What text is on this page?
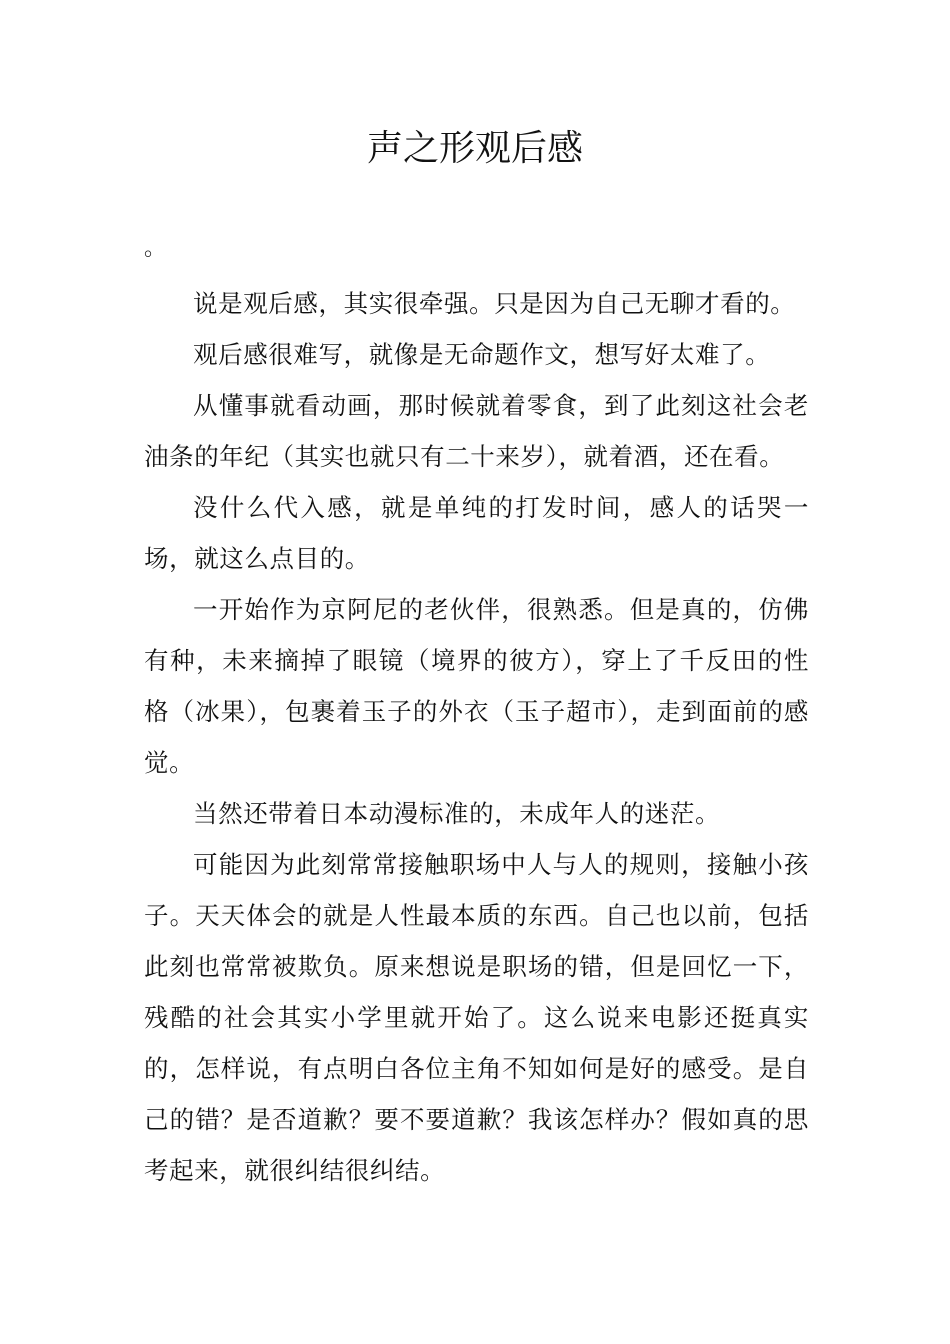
声之形观后感
。

说是观后感，其实很牵强。只是因为自己无聊才看的。

观后感很难写，就像是无命题作文，想写好太难了。

从懂事就看动画，那时候就着零食，到了此刻这社会老油条的年纪（其实也就只有二十来岁），就着酒，还在看。

没什么代入感，就是单纯的打发时间，感人的话哭一场，就这么点目的。

一开始作为京阿尼的老伙伴，很熟悉。但是真的，仿佛有种，未来摘掉了眼镜（境界的彼方），穿上了千反田的性格（冰果），包裹着玉子的外衣（玉子超市），走到面前的感觉。

当然还带着日本动漫标准的，未成年人的迷茫。

可能因为此刻常常接触职场中人与人的规则，接触小孩子。天天体会的就是人性最本质的东西。自己也以前，包括此刻也常常被欺负。原来想说是职场的错，但是回忆一下，残酷的社会其实小学里就开始了。这么说来电影还挺真实的，怎样说，有点明白各位主角不知如何是好的感受。是自己的错？是否道歉？要不要道歉？我该怎样办？假如真的思考起来，就很纠结很纠结。
